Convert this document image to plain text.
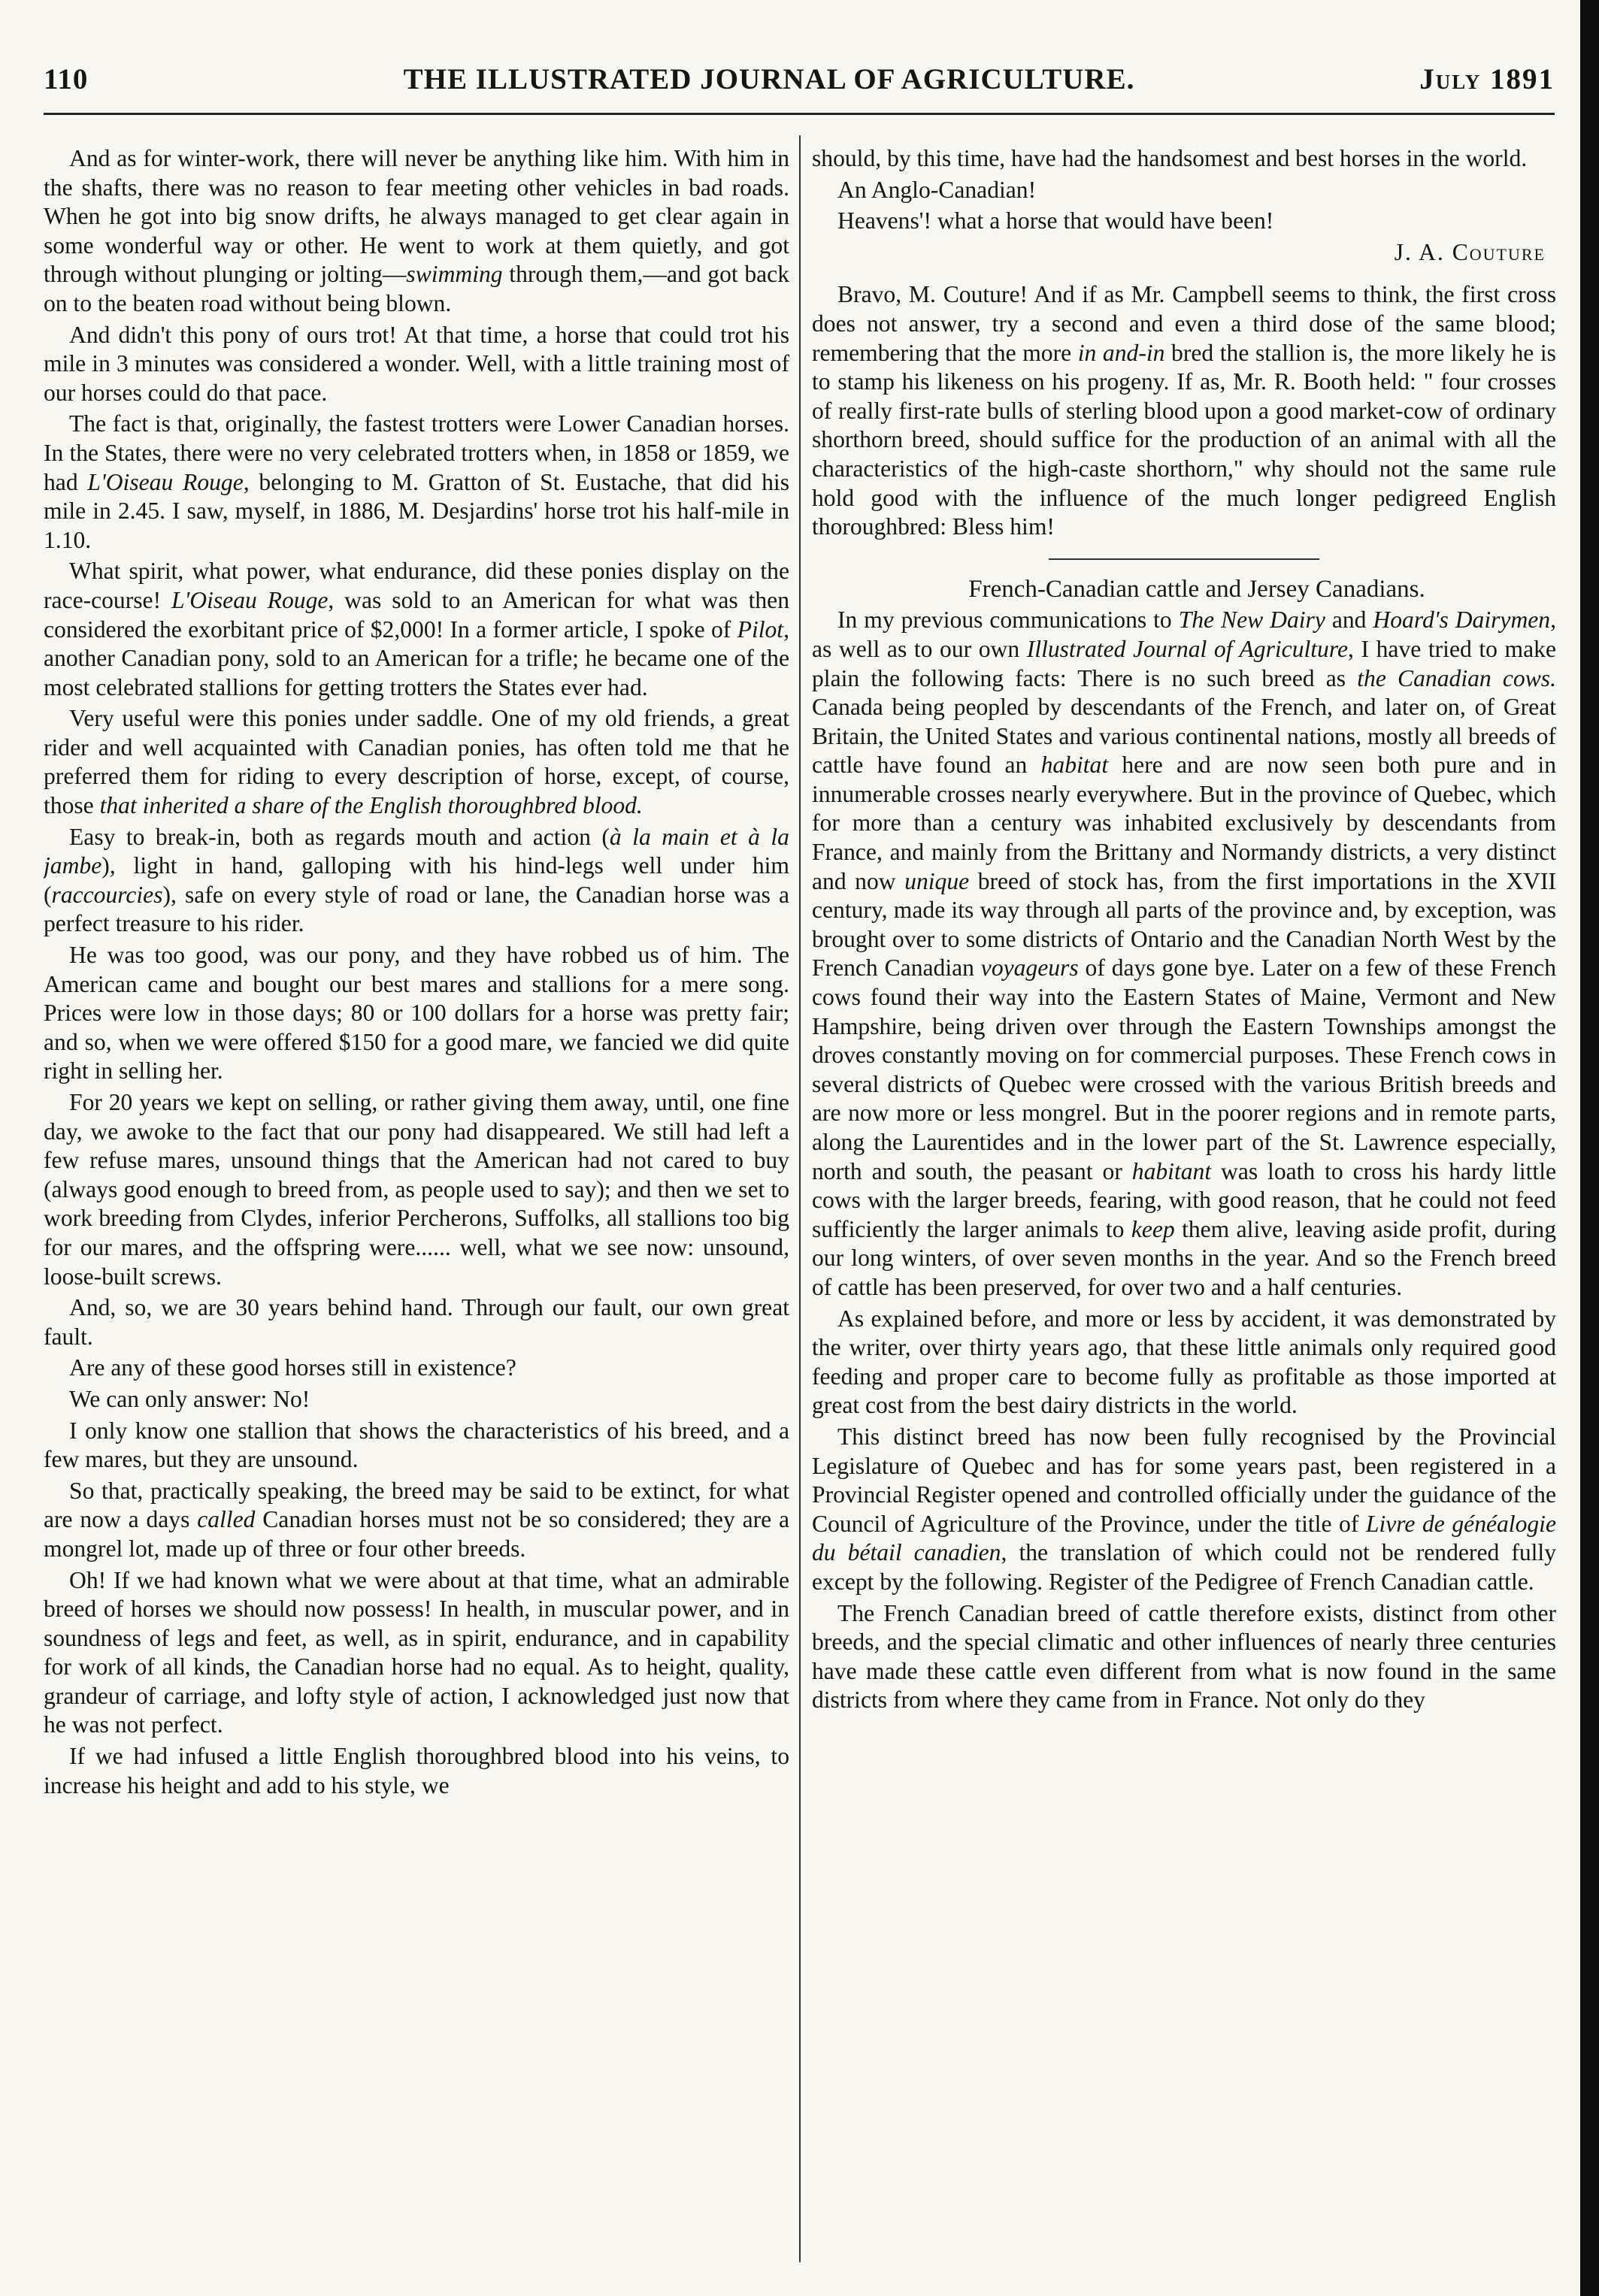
110	THE ILLUSTRATED JOURNAL OF AGRICULTURE.	July 1891

And as for winter-work, there will never be anything like him. With him in the shafts, there was no reason to fear meeting other vehicles in bad roads. When he got into big snow drifts, he always managed to get clear again in some wonderful way or other. He went to work at them quietly, and got through without plunging or jolting—swimming through them,—and got back on to the beaten road without being blown.

And didn't this pony of ours trot! At that time, a horse that could trot his mile in 3 minutes was considered a wonder. Well, with a little training most of our horses could do that pace.

The fact is that, originally, the fastest trotters were Lower Canadian horses. In the States, there were no very celebrated trotters when, in 1858 or 1859, we had L'Oiseau Rouge, belonging to M. Gratton of St. Eustache, that did his mile in 2.45. I saw, myself, in 1886, M. Desjardins' horse trot his half-mile in 1.10.

What spirit, what power, what endurance, did these ponies display on the race-course! L'Oiseau Rouge, was sold to an American for what was then considered the exorbitant price of $2,000! In a former article, I spoke of Pilot, another Canadian pony, sold to an American for a trifle; he became one of the most celebrated stallions for getting trotters the States ever had.

Very useful were this ponies under saddle. One of my old friends, a great rider and well acquainted with Canadian ponies, has often told me that he preferred them for riding to every description of horse, except, of course, those that inherited a share of the English thoroughbred blood.

Easy to break-in, both as regards mouth and action (à la main et à la jambe), light in hand, galloping with his hind-legs well under him (raccourcies), safe on every style of road or lane, the Canadian horse was a perfect treasure to his rider.

He was too good, was our pony, and they have robbed us of him. The American came and bought our best mares and stallions for a mere song. Prices were low in those days; 80 or 100 dollars for a horse was pretty fair; and so, when we were offered $150 for a good mare, we fancied we did quite right in selling her.

For 20 years we kept on selling, or rather giving them away, until, one fine day, we awoke to the fact that our pony had disappeared. We still had left a few refuse mares, unsound things that the American had not cared to buy (always good enough to breed from, as people used to say); and then we set to work breeding from Clydes, inferior Percherons, Suffolks, all stallions too big for our mares, and the offspring were...... well, what we see now: unsound, loose-built screws.

And, so, we are 30 years behind hand. Through our fault, our own great fault.

Are any of these good horses still in existence?

We can only answer: No!

I only know one stallion that shows the characteristics of his breed, and a few mares, but they are unsound.

So that, practically speaking, the breed may be said to be extinct, for what are now a days called Canadian horses must not be so considered; they are a mongrel lot, made up of three or four other breeds.

Oh! If we had known what we were about at that time, what an admirable breed of horses we should now possess! In health, in muscular power, and in soundness of legs and feet, as well, as in spirit, endurance, and in capability for work of all kinds, the Canadian horse had no equal. As to height, quality, grandeur of carriage, and lofty style of action, I acknowledged just now that he was not perfect.

If we had infused a little English thoroughbred blood into his veins, to increase his height and add to his style, we

should, by this time, have had the handsomest and best horses in the world.

An Anglo-Canadian!

Heavens'! what a horse that would have been!

J. A. Couture

Bravo, M. Couture! And if as Mr. Campbell seems to think, the first cross does not answer, try a second and even a third dose of the same blood; remembering that the more in and-in bred the stallion is, the more likely he is to stamp his likeness on his progeny. If as, Mr. R. Booth held: " four crosses of really first-rate bulls of sterling blood upon a good market-cow of ordinary shorthorn breed, should suffice for the production of an animal with all the characteristics of the high-caste shorthorn," why should not the same rule hold good with the influence of the much longer pedigreed English thoroughbred: Bless him!

French-Canadian cattle and Jersey Canadians.

In my previous communications to The New Dairy and Hoard's Dairymen, as well as to our own Illustrated Journal of Agriculture, I have tried to make plain the following facts: There is no such breed as the Canadian cows. Canada being peopled by descendants of the French, and later on, of Great Britain, the United States and various continental nations, mostly all breeds of cattle have found an habitat here and are now seen both pure and in innumerable crosses nearly everywhere. But in the province of Quebec, which for more than a century was inhabited exclusively by descendants from France, and mainly from the Brittany and Normandy districts, a very distinct and now unique breed of stock has, from the first importations in the XVII century, made its way through all parts of the province and, by exception, was brought over to some districts of Ontario and the Canadian North West by the French Canadian voyageurs of days gone bye. Later on a few of these French cows found their way into the Eastern States of Maine, Vermont and New Hampshire, being driven over through the Eastern Townships amongst the droves constantly moving on for commercial purposes. These French cows in several districts of Quebec were crossed with the various British breeds and are now more or less mongrel. But in the poorer regions and in remote parts, along the Laurentides and in the lower part of the St. Lawrence especially, north and south, the peasant or habitant was loath to cross his hardy little cows with the larger breeds, fearing, with good reason, that he could not feed sufficiently the larger animals to keep them alive, leaving aside profit, during our long winters, of over seven months in the year. And so the French breed of cattle has been preserved, for over two and a half centuries.

As explained before, and more or less by accident, it was demonstrated by the writer, over thirty years ago, that these little animals only required good feeding and proper care to become fully as profitable as those imported at great cost from the best dairy districts in the world.

This distinct breed has now been fully recognised by the Provincial Legislature of Quebec and has for some years past, been registered in a Provincial Register opened and controlled officially under the guidance of the Council of Agriculture of the Province, under the title of Livre de généalogie du bétail canadien, the translation of which could not be rendered fully except by the following. Register of the Pedigree of French Canadian cattle.

The French Canadian breed of cattle therefore exists, distinct from other breeds, and the special climatic and other influences of nearly three centuries have made these cattle even different from what is now found in the same districts from where they came from in France. Not only do they
